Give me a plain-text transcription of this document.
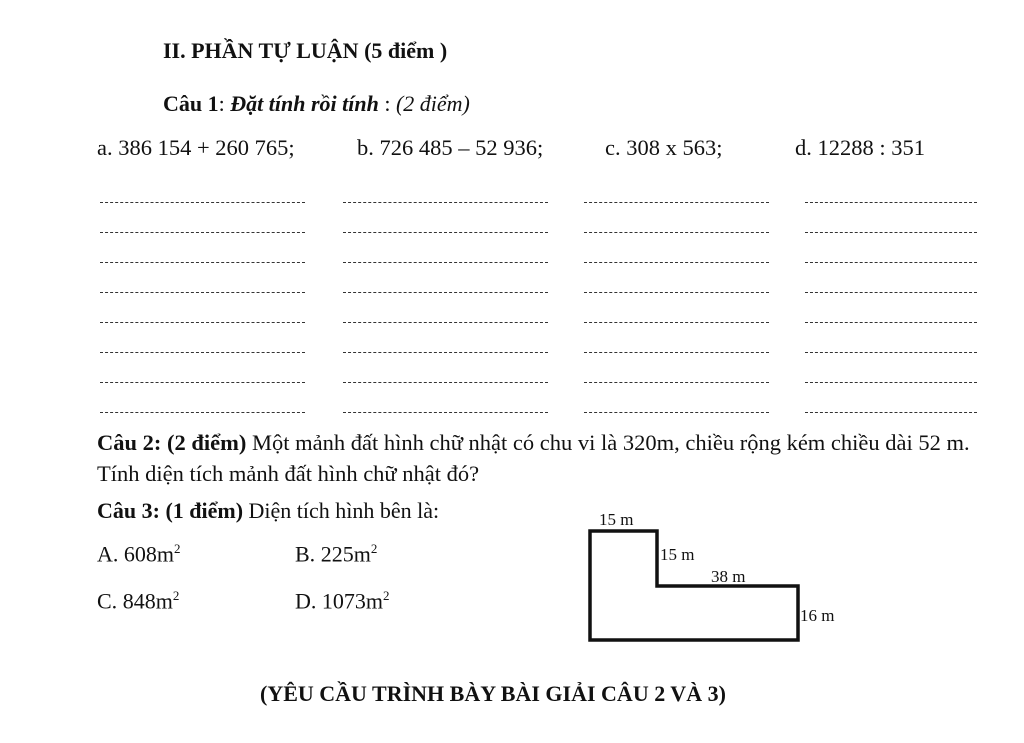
II. PHẦN TỰ LUẬN (5 điểm )
Câu 1: Đặt tính rồi tính : (2 điểm)
a. 386 154 + 260 765;	b. 726 485 – 52 936;	c. 308 x 563;	d. 12288 : 351
Câu 2: (2 điểm) Một mảnh đất hình chữ nhật có chu vi là 320m, chiều rộng kém chiều dài 52 m. Tính diện tích mảnh đất hình chữ nhật đó?
Câu 3: (1 điểm) Diện tích hình bên là:
A. $608m^2$	B. $225m^2$
C. $848m^2$	D. $1073m^2$
15 m
15 m
38 m
16 m
(YÊU CẦU TRÌNH BÀY BÀI GIẢI CÂU 2 VÀ 3)
